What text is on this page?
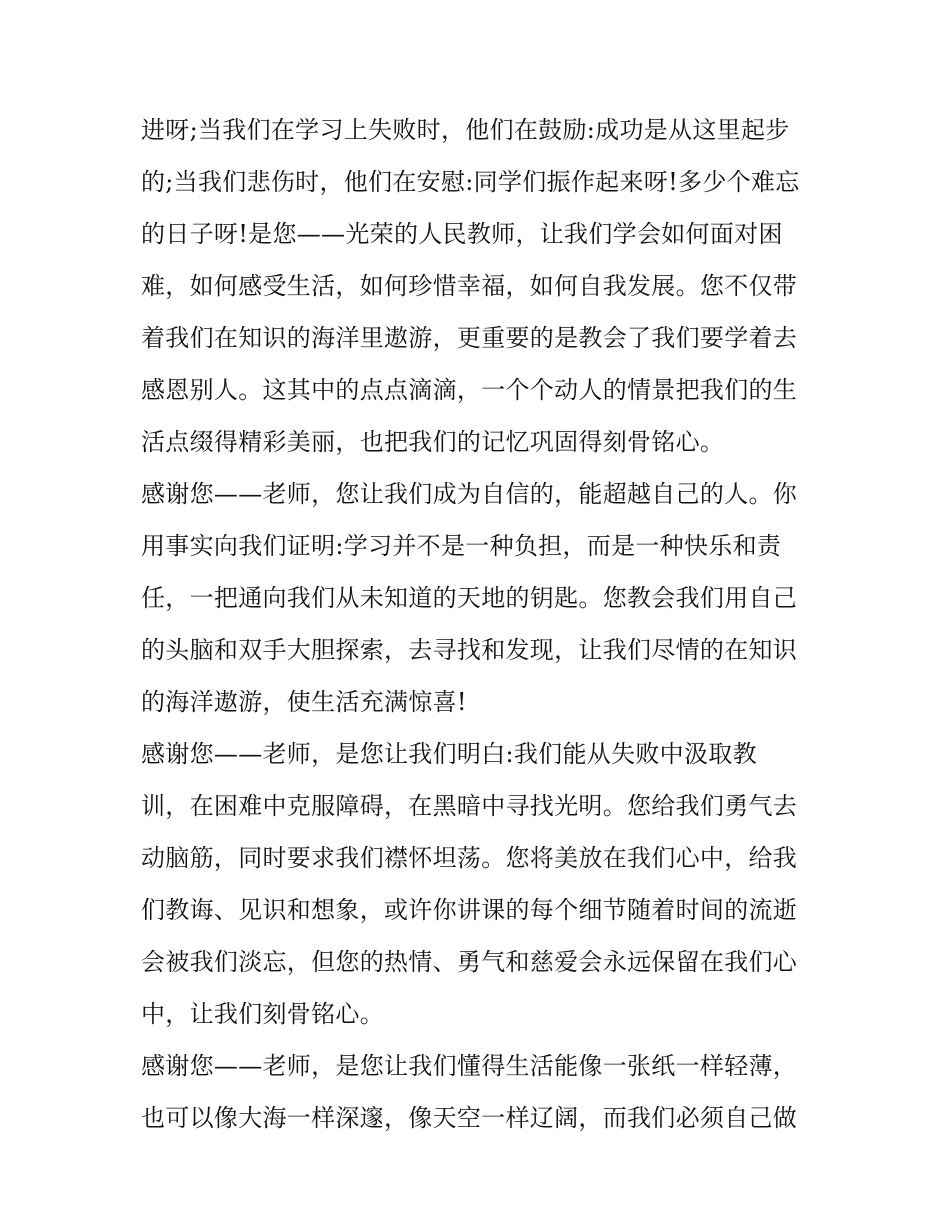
进呀;当我们在学习上失败时，他们在鼓励:成功是从这里起步
的;当我们悲伤时，他们在安慰:同学们振作起来呀!多少个难忘
的日子呀!是您——光荣的人民教师，让我们学会如何面对困
难，如何感受生活，如何珍惜幸福，如何自我发展。您不仅带
着我们在知识的海洋里遨游，更重要的是教会了我们要学着去
感恩别人。这其中的点点滴滴，一个个动人的情景把我们的生
活点缀得精彩美丽，也把我们的记忆巩固得刻骨铭心。
感谢您——老师，您让我们成为自信的，能超越自己的人。你
用事实向我们证明:学习并不是一种负担，而是一种快乐和责
任，一把通向我们从未知道的天地的钥匙。您教会我们用自己
的头脑和双手大胆探索，去寻找和发现，让我们尽情的在知识
的海洋遨游，使生活充满惊喜!
感谢您——老师，是您让我们明白:我们能从失败中汲取教
训，在困难中克服障碍，在黑暗中寻找光明。您给我们勇气去
动脑筋，同时要求我们襟怀坦荡。您将美放在我们心中，给我
们教诲、见识和想象，或许你讲课的每个细节随着时间的流逝
会被我们淡忘，但您的热情、勇气和慈爱会永远保留在我们心
中，让我们刻骨铭心。
感谢您——老师，是您让我们懂得生活能像一张纸一样轻薄，
也可以像大海一样深邃，像天空一样辽阔，而我们必须自己做
